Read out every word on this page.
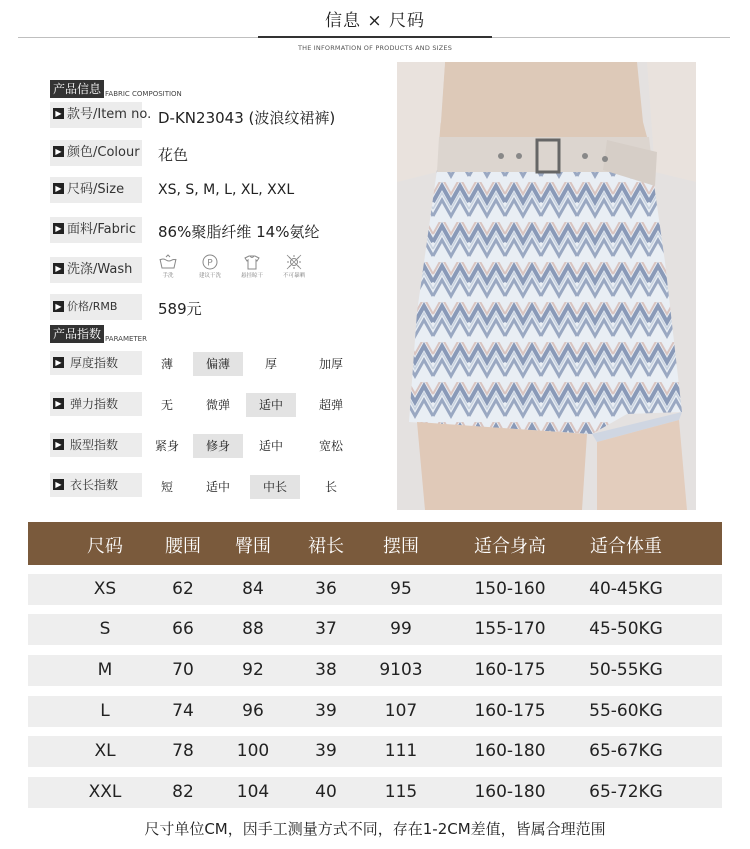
信息 × 尺码
THE INFORMATION OF PRODUCTS AND SIZES
产品信息 FABRIC COMPOSITION
▶ 款号/Item no. D-KN23043 (波浪纹裙裤)
▶ 颜色/Colour 花色
▶ 尺码/Size	XS, S, M, L, XL, XXL
▶ 面料/Fabric	86%聚脂纤维 14%氨纶
▶ 洗涤/Wash	手洗
P
建议干洗	悬挂晾干	不可暴晒
▶ 价格/RMB	589元
产品指数 PARAMETER
▶ 厚度指数	薄	偏薄	厚	加厚
▶ 弹力指数	无	微弹	适中	超弹
▶ 版型指数	紧身	修身	适中	宽松
▶ 衣长指数	短	适中	中长	长
尺码	腰围	臀围	裙长	摆围	适合身高	适合体重
XS	62	84	36	95	150-160	40-45KG
S	66	88	37	99	155-170	45-50KG
M	70	92	38	9103	160-175	50-55KG
L	74	96	39	107	160-175	55-60KG
XL	78	100	39	111	160-180	65-67KG
XXL	82	104	40	115	160-180	65-72KG
尺寸单位CM，因手工测量方式不同，存在1-2CM差值，皆属合理范围
